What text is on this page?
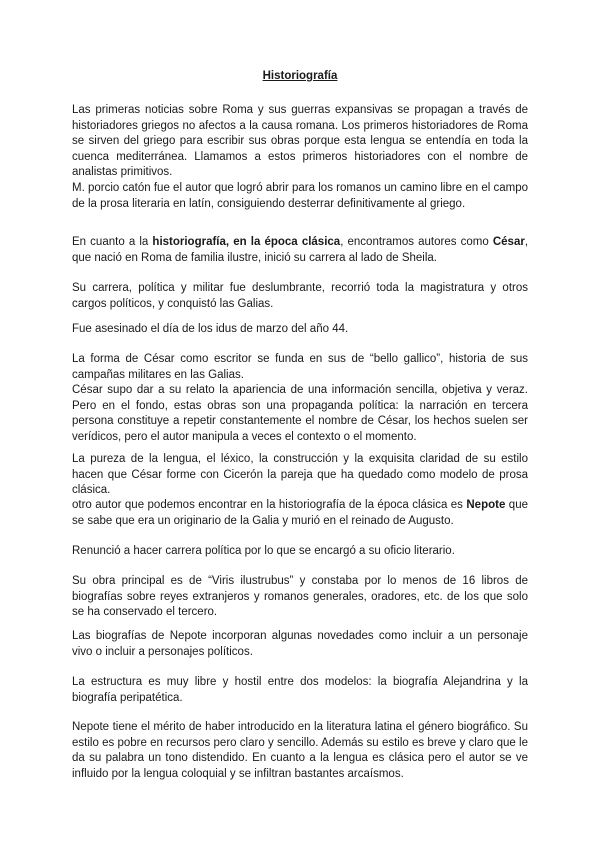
Historiografía

Las primeras noticias sobre Roma y sus guerras expansivas se propagan a través de historiadores griegos no afectos a la causa romana. Los primeros historiadores de Roma se sirven del griego para escribir sus obras porque esta lengua se entendía en toda la cuenca mediterránea. Llamamos a estos primeros historiadores con el nombre de analistas primitivos.

M. porcio catón fue el autor que logró abrir para los romanos un camino libre en el campo de la prosa literaria en latín, consiguiendo desterrar definitivamente al griego.

En cuanto a la historiografía, en la época clásica, encontramos autores como César, que nació en Roma de familia ilustre, inició su carrera al lado de Sheila.

Su carrera, política y militar fue deslumbrante, recorrió toda la magistratura y otros cargos políticos, y conquistó las Galias.

Fue asesinado el día de los idus de marzo del año 44.

La forma de César como escritor se funda en sus de “bello gallico”, historia de sus campañas militares en las Galias.

César supo dar a su relato la apariencia de una información sencilla, objetiva y veraz. Pero en el fondo, estas obras son una propaganda política: la narración en tercera persona constituye a repetir constantemente el nombre de César, los hechos suelen ser verídicos, pero el autor manipula a veces el contexto o el momento.

La pureza de la lengua, el léxico, la construcción y la exquisita claridad de su estilo hacen que César forme con Cicerón la pareja que ha quedado como modelo de prosa clásica.

otro autor que podemos encontrar en la historiografía de la época clásica es Nepote que se sabe que era un originario de la Galia y murió en el reinado de Augusto.

Renunció a hacer carrera política por lo que se encargó a su oficio literario.

Su obra principal es de “Viris ilustrubus” y constaba por lo menos de 16 libros de biografías sobre reyes extranjeros y romanos generales, oradores, etc. de los que solo se ha conservado el tercero.

Las biografías de Nepote incorporan algunas novedades como incluir a un personaje vivo o incluir a personajes políticos.

La estructura es muy libre y hostil entre dos modelos: la biografía Alejandrina y la biografía peripatética.

Nepote tiene el mérito de haber introducido en la literatura latina el género biográfico. Su estilo es pobre en recursos pero claro y sencillo. Además su estilo es breve y claro que le da su palabra un tono distendido. En cuanto a la lengua es clásica pero el autor se ve influido por la lengua coloquial y se infiltran bastantes arcaísmos.
